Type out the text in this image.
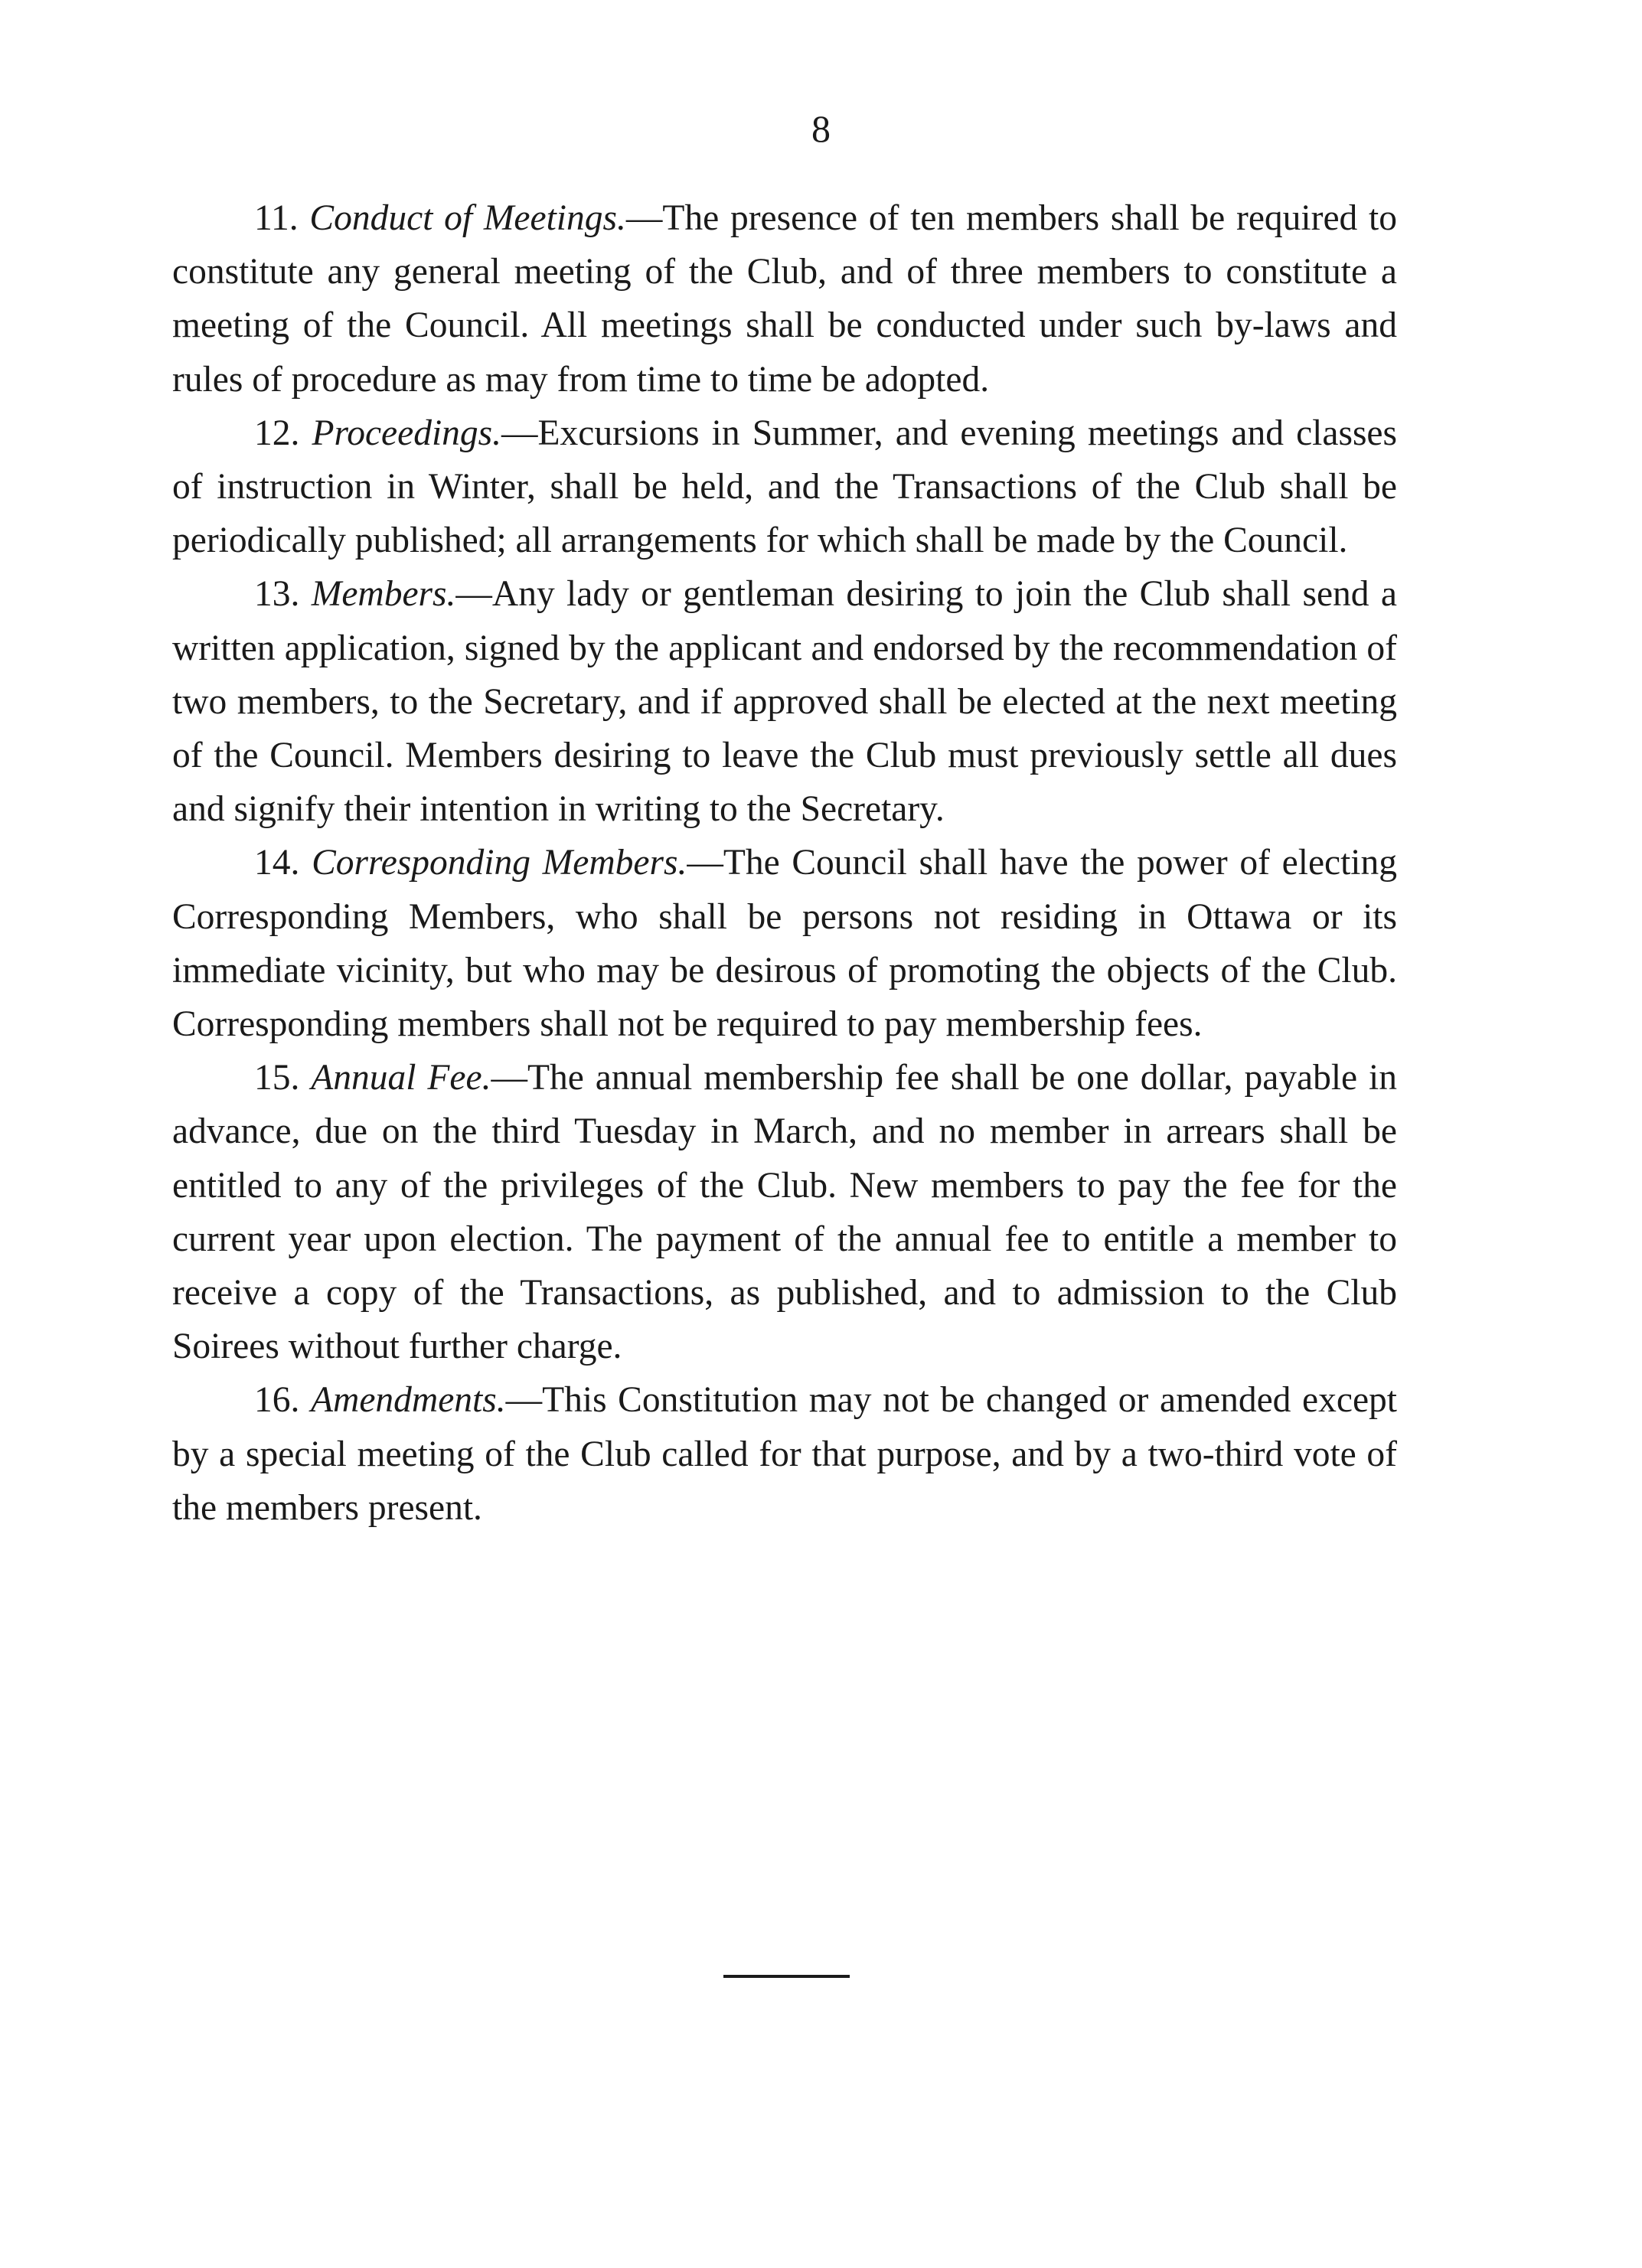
8

11. Conduct of Meetings.—The presence of ten members shall be required to constitute any general meeting of the Club, and of three members to constitute a meeting of the Council. All meetings shall be conducted under such by-laws and rules of procedure as may from time to time be adopted.

12. Proceedings.—Excursions in Summer, and evening meetings and classes of instruction in Winter, shall be held, and the Transactions of the Club shall be periodically published; all arrangements for which shall be made by the Council.

13. Members.—Any lady or gentleman desiring to join the Club shall send a written application, signed by the applicant and endorsed by the recommendation of two members, to the Secretary, and if approved shall be elected at the next meeting of the Council. Members desiring to leave the Club must previously settle all dues and signify their intention in writing to the Secretary.

14. Corresponding Members.—The Council shall have the power of electing Corresponding Members, who shall be persons not residing in Ottawa or its immediate vicinity, but who may be desirous of promoting the objects of the Club. Corresponding members shall not be required to pay membership fees.

15. Annual Fee.—The annual membership fee shall be one dollar, payable in advance, due on the third Tuesday in March, and no member in arrears shall be entitled to any of the privileges of the Club. New members to pay the fee for the current year upon election. The payment of the annual fee to entitle a member to receive a copy of the Transactions, as published, and to admission to the Club Soirees without further charge.

16. Amendments.—This Constitution may not be changed or amended except by a special meeting of the Club called for that purpose, and by a two-third vote of the members present.
